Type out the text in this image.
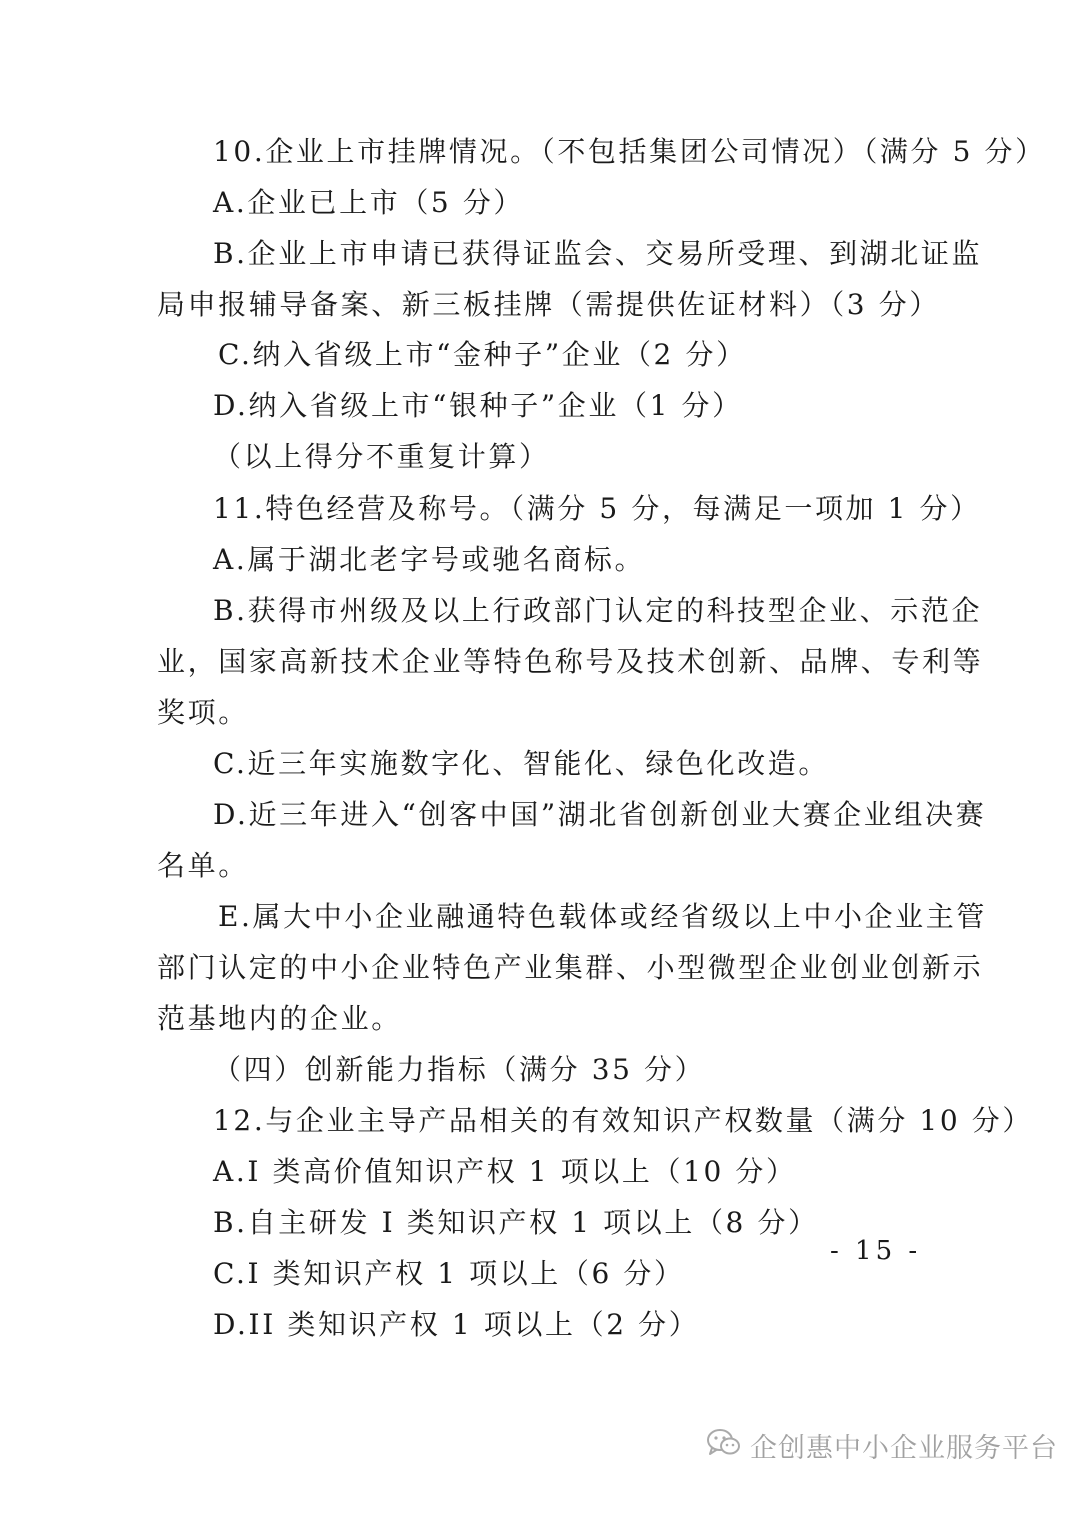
10.企业上市挂牌情况。（不包括集团公司情况）（满分 5 分）
A.企业已上市（5 分）
B.企业上市申请已获得证监会、交易所受理、到湖北证监
局申报辅导备案、新三板挂牌（需提供佐证材料）（3 分）
C.纳入省级上市“金种子”企业（2 分）
D.纳入省级上市“银种子”企业（1 分）
（以上得分不重复计算）
11.特色经营及称号。（满分 5 分，每满足一项加 1 分）
A.属于湖北老字号或驰名商标。
B.获得市州级及以上行政部门认定的科技型企业、示范企
业，国家高新技术企业等特色称号及技术创新、品牌、专利等
奖项。
C.近三年实施数字化、智能化、绿色化改造。
D.近三年进入“创客中国”湖北省创新创业大赛企业组决赛
名单。
E.属大中小企业融通特色载体或经省级以上中小企业主管
部门认定的中小企业特色产业集群、小型微型企业创业创新示
范基地内的企业。
（四）创新能力指标（满分 35 分）
12.与企业主导产品相关的有效知识产权数量（满分 10 分）
A.I 类高价值知识产权 1 项以上（10 分）
B.自主研发 I 类知识产权 1 项以上（8 分）
C.I 类知识产权 1 项以上（6 分）
D.II 类知识产权 1 项以上（2 分）
- 15 -
企创惠中小企业服务平台
